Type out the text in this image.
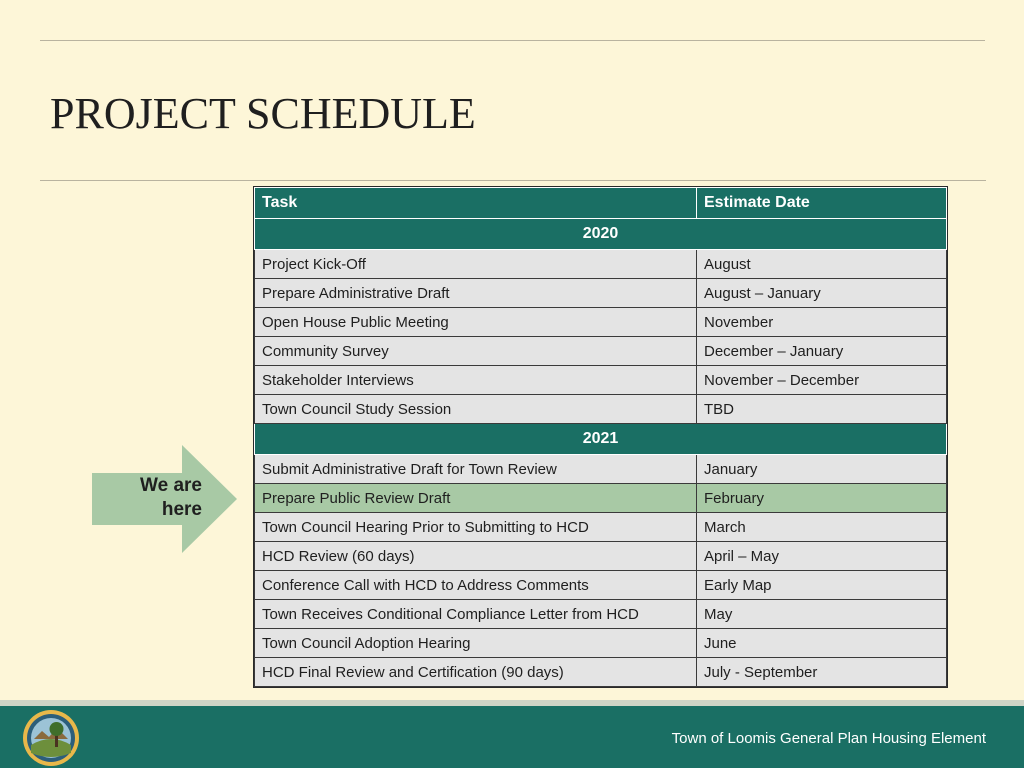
PROJECT SCHEDULE
Task	Estimate Date
2020	
Project Kick-Off	August
Prepare Administrative Draft	August – January
Open House Public Meeting	November
Community Survey	December – January
Stakeholder Interviews	November – December
Town Council Study Session	TBD
2021	
Submit Administrative Draft for Town Review	January
Prepare Public Review Draft	February
Town Council Hearing Prior to Submitting to HCD	March
HCD Review (60 days)	April – May
Conference Call with HCD to Address Comments	Early Map
Town Receives Conditional Compliance Letter from HCD	May
Town Council Adoption Hearing	June
HCD Final Review and Certification (90 days)	July - September
We are
here
Town of Loomis General Plan Housing Element
